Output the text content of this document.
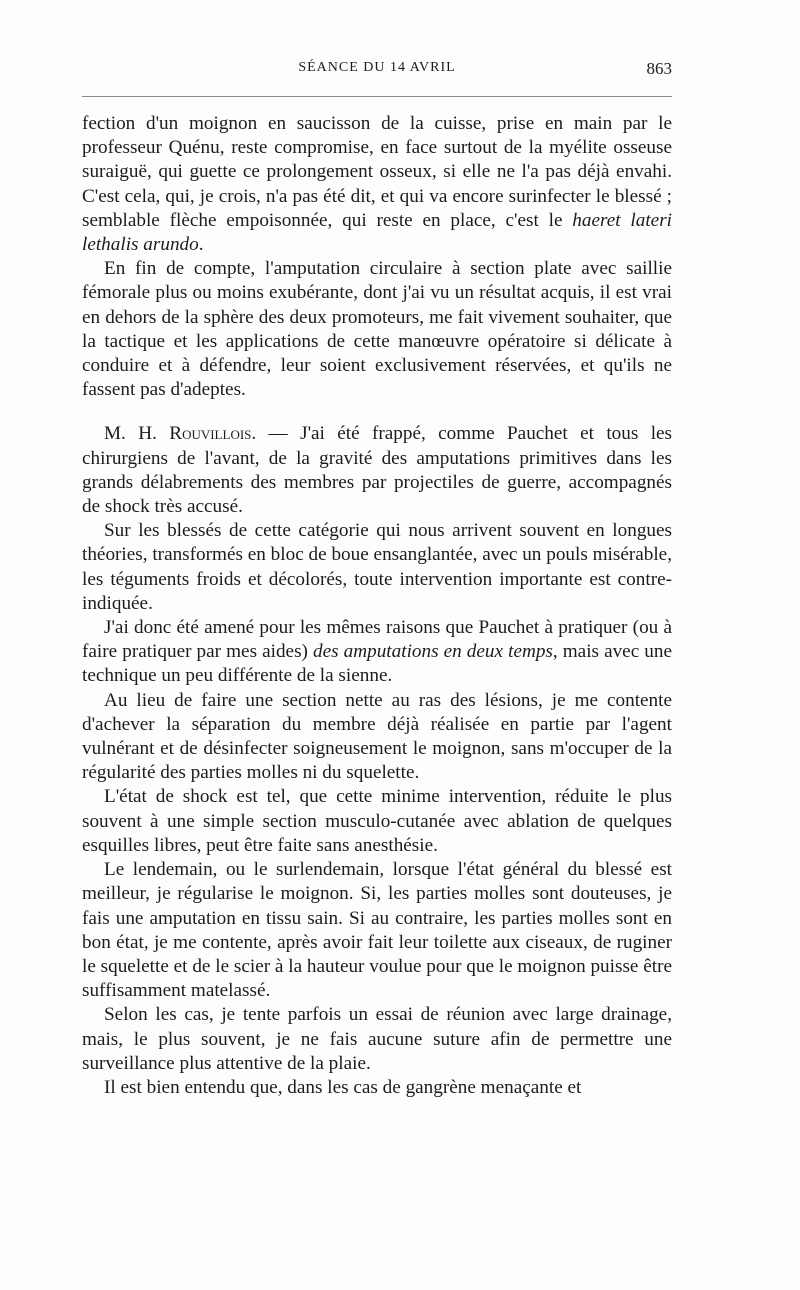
SÉANCE DU 14 AVRIL	863

fection d'un moignon en saucisson de la cuisse, prise en main par le professeur Quénu, reste compromise, en face surtout de la myélite osseuse suraiguë, qui guette ce prolongement osseux, si elle ne l'a pas déjà envahi. C'est cela, qui, je crois, n'a pas été dit, et qui va encore surinfecter le blessé ; semblable flèche empoisonnée, qui reste en place, c'est le haeret lateri lethalis arundo.

En fin de compte, l'amputation circulaire à section plate avec saillie fémorale plus ou moins exubérante, dont j'ai vu un résultat acquis, il est vrai en dehors de la sphère des deux promoteurs, me fait vivement souhaiter, que la tactique et les applications de cette manœuvre opératoire si délicate à conduire et à défendre, leur soient exclusivement réservées, et qu'ils ne fassent pas d'adeptes.

M. H. Rouvillois. — J'ai été frappé, comme Pauchet et tous les chirurgiens de l'avant, de la gravité des amputations primitives dans les grands délabrements des membres par projectiles de guerre, accompagnés de shock très accusé.

Sur les blessés de cette catégorie qui nous arrivent souvent en longues théories, transformés en bloc de boue ensanglantée, avec un pouls misérable, les téguments froids et décolorés, toute intervention importante est contre-indiquée.

J'ai donc été amené pour les mêmes raisons que Pauchet à pratiquer (ou à faire pratiquer par mes aides) des amputations en deux temps, mais avec une technique un peu différente de la sienne.

Au lieu de faire une section nette au ras des lésions, je me contente d'achever la séparation du membre déjà réalisée en partie par l'agent vulnérant et de désinfecter soigneusement le moignon, sans m'occuper de la régularité des parties molles ni du squelette.

L'état de shock est tel, que cette minime intervention, réduite le plus souvent à une simple section musculo-cutanée avec ablation de quelques esquilles libres, peut être faite sans anesthésie.

Le lendemain, ou le surlendemain, lorsque l'état général du blessé est meilleur, je régularise le moignon. Si, les parties molles sont douteuses, je fais une amputation en tissu sain. Si au contraire, les parties molles sont en bon état, je me contente, après avoir fait leur toilette aux ciseaux, de ruginer le squelette et de le scier à la hauteur voulue pour que le moignon puisse être suffisamment matelassé.

Selon les cas, je tente parfois un essai de réunion avec large drainage, mais, le plus souvent, je ne fais aucune suture afin de permettre une surveillance plus attentive de la plaie.

Il est bien entendu que, dans les cas de gangrène menaçante et
